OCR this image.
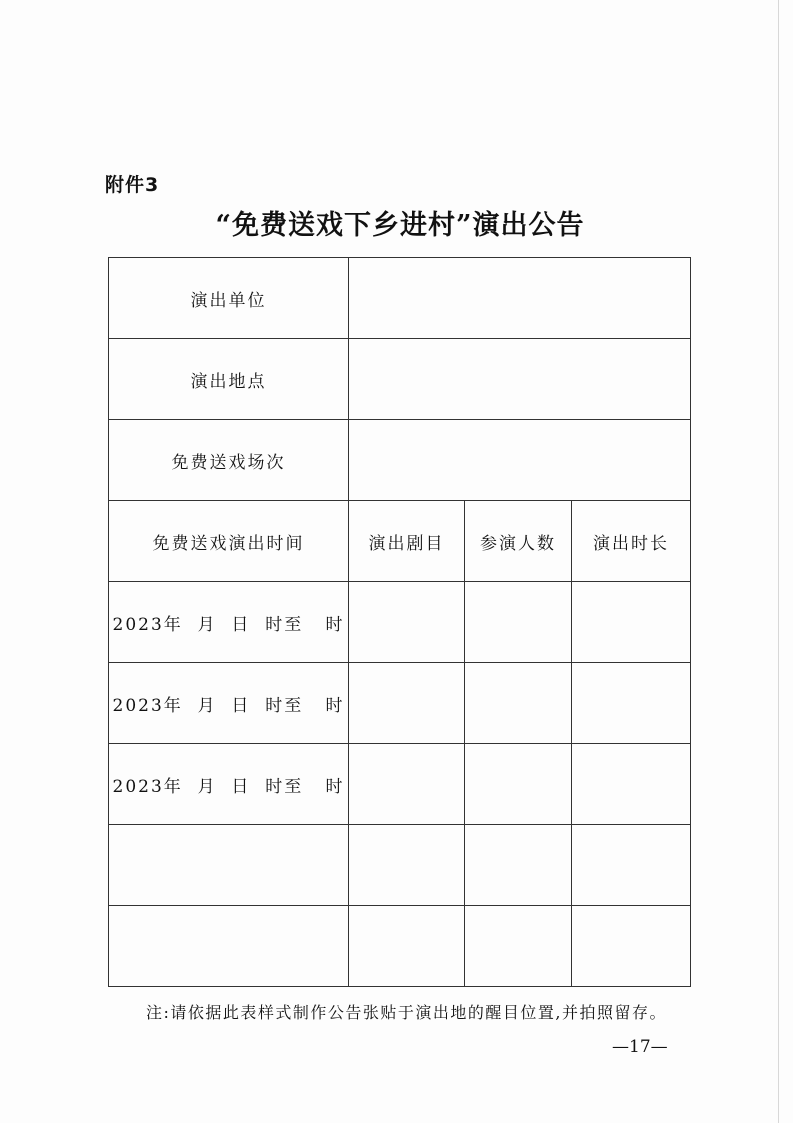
附件3
“免费送戏下乡进村”演出公告
演出单位			
演出地点			
免费送戏场次			
免费送戏演出时间	演出剧目	参演人数	演出时长
2023年  月  日  时至   时			
2023年  月  日  时至   时			
2023年  月  日  时至   时			

注:请依据此表样式制作公告张贴于演出地的醒目位置,并拍照留存。
—17—
